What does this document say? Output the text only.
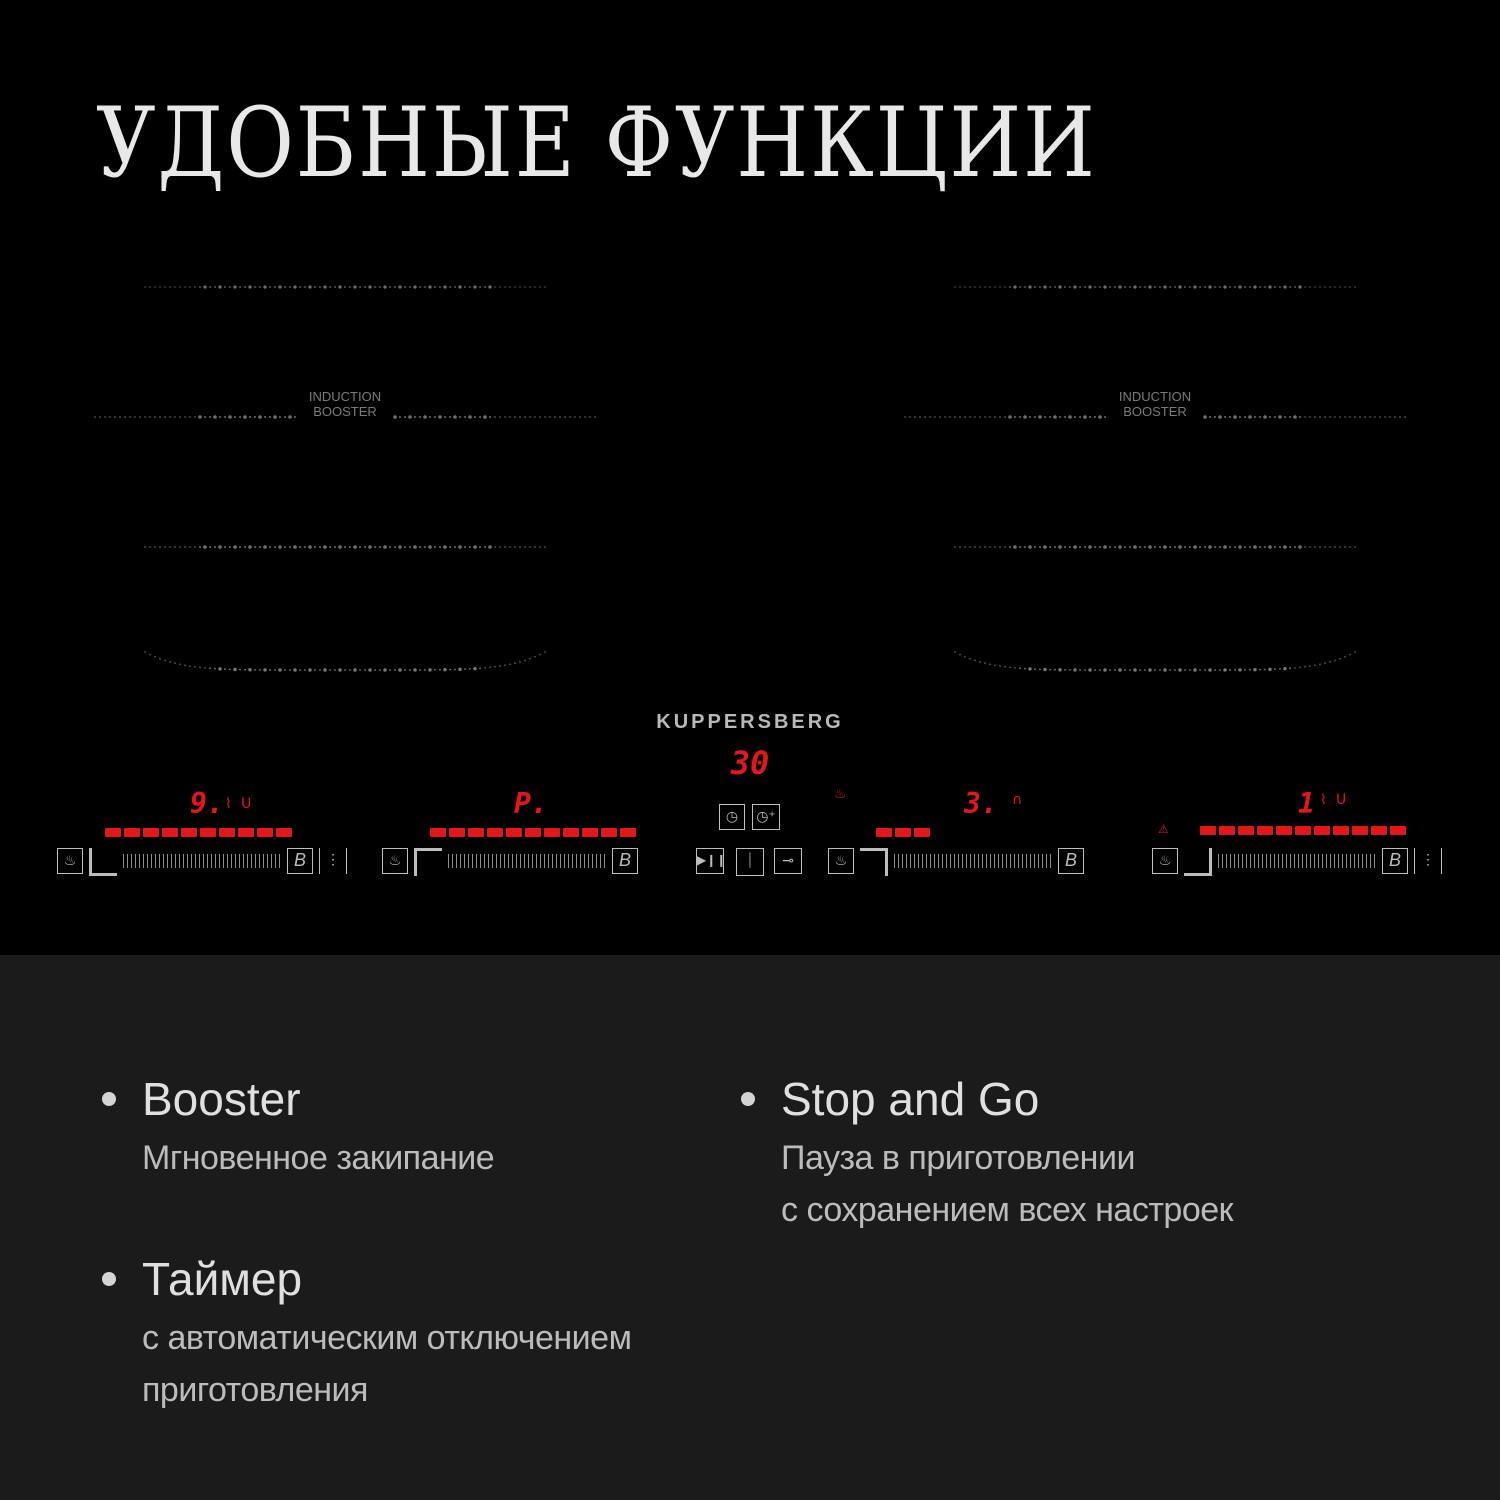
УДОБНЫЕ ФУНКЦИИ
INDUCTION
BOOSTER
INDUCTION
BOOSTER
KUPPERSBERG
30
9. ⌇ U
♨	B	⋮
P.
♨	B
◷	◷⁺
▶❙❙	⏐	⊸
♨	3. ∩
♨	B
⚠
1 ⌇ U
♨	B	⋮
Booster

Мгновенное закипание

Stop and Go

Пауза в приготовлении
с сохранением всех настроек

Таймер

с автоматическим отключением
приготовления
